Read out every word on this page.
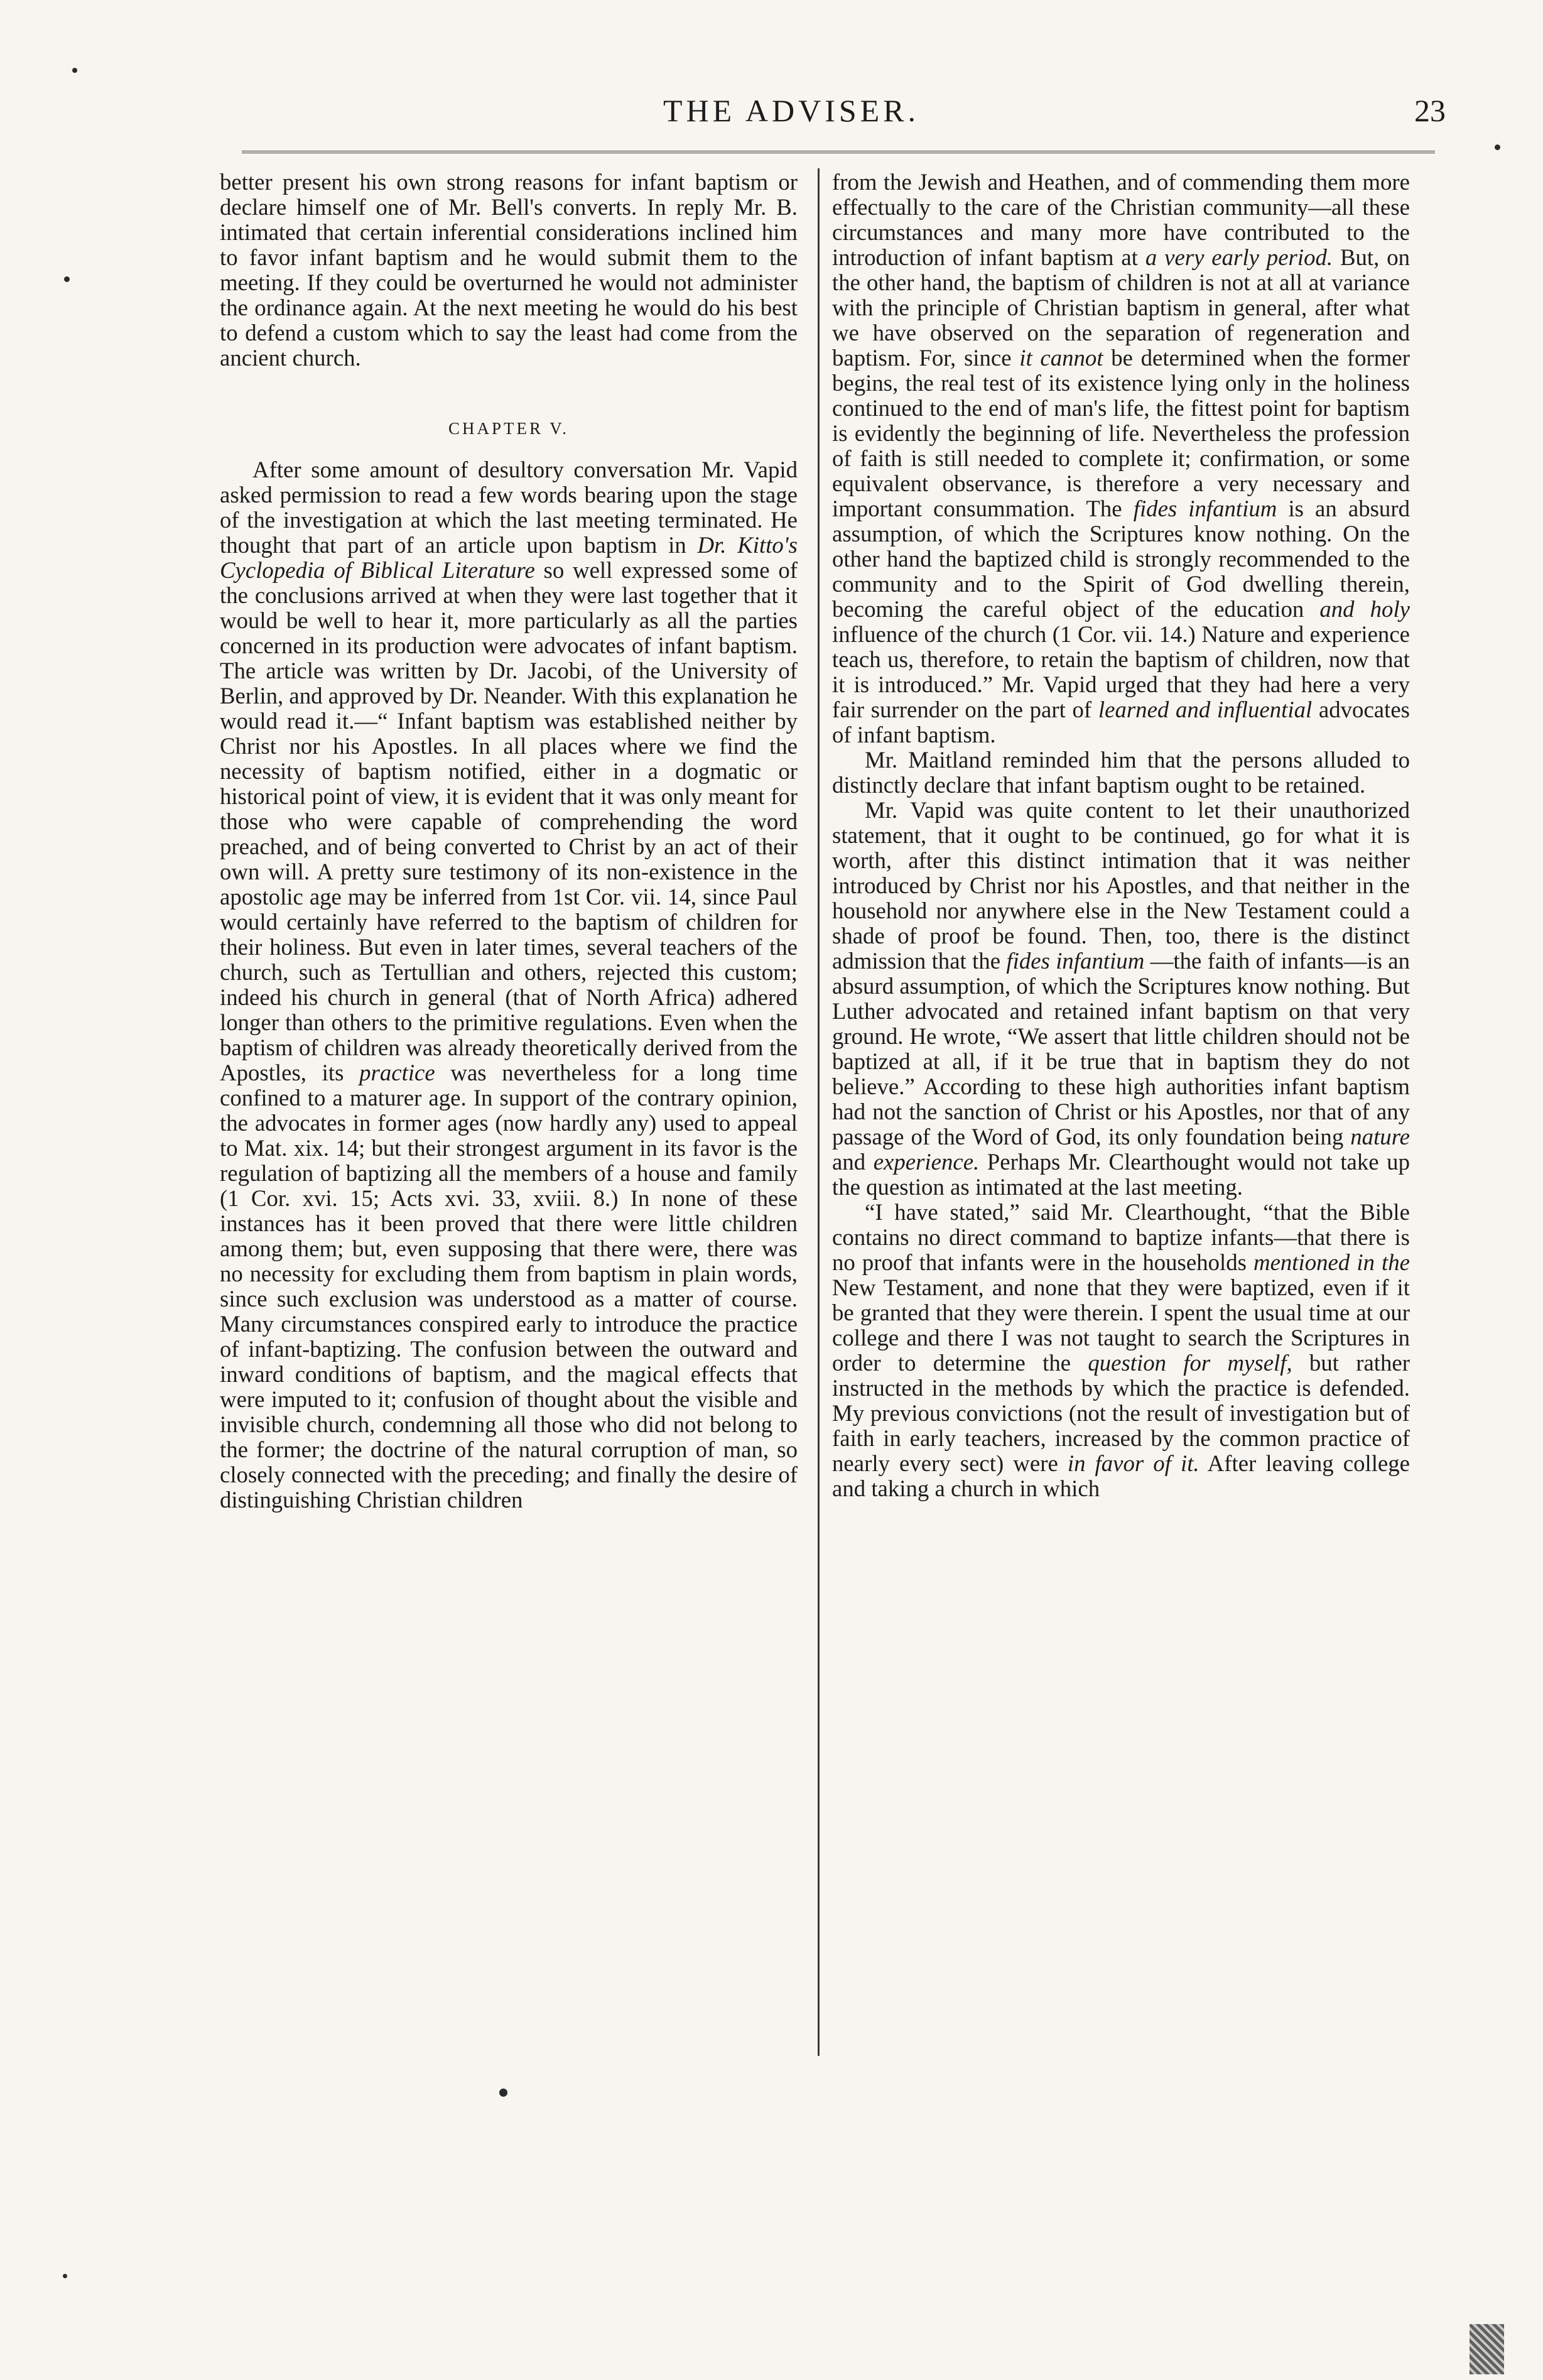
THE ADVISER.	23

better present his own strong reasons for infant baptism or declare himself one of Mr. Bell's converts. In reply Mr. B. intimated that certain inferential considerations inclined him to favor infant baptism and he would submit them to the meeting. If they could be overturned he would not administer the ordinance again. At the next meeting he would do his best to defend a custom which to say the least had come from the ancient church.

CHAPTER V.

After some amount of desultory conversation Mr. Vapid asked permission to read a few words bearing upon the stage of the investigation at which the last meeting terminated. He thought that part of an article upon baptism in Dr. Kitto's Cyclopedia of Biblical Literature so well expressed some of the conclusions arrived at when they were last together that it would be well to hear it, more particularly as all the parties concerned in its production were advocates of infant baptism. The article was written by Dr. Jacobi, of the University of Berlin, and approved by Dr. Neander. With this explanation he would read it.—“ Infant baptism was established neither by Christ nor his Apostles. In all places where we find the necessity of baptism notified, either in a dogmatic or historical point of view, it is evident that it was only meant for those who were capable of comprehending the word preached, and of being converted to Christ by an act of their own will. A pretty sure testimony of its non-existence in the apostolic age may be inferred from 1st Cor. vii. 14, since Paul would certainly have referred to the baptism of children for their holiness. But even in later times, several teachers of the church, such as Tertullian and others, rejected this custom; indeed his church in general (that of North Africa) adhered longer than others to the primitive regulations. Even when the baptism of children was already theoretically derived from the Apostles, its practice was nevertheless for a long time confined to a maturer age. In support of the contrary opinion, the advocates in former ages (now hardly any) used to appeal to Mat. xix. 14; but their strongest argument in its favor is the regulation of baptizing all the members of a house and family (1 Cor. xvi. 15; Acts xvi. 33, xviii. 8.) In none of these instances has it been proved that there were little children among them; but, even supposing that there were, there was no necessity for excluding them from baptism in plain words, since such exclusion was understood as a matter of course. Many circumstances conspired early to introduce the practice of infant-baptizing. The confusion between the outward and inward conditions of baptism, and the magical effects that were imputed to it; confusion of thought about the visible and invisible church, condemning all those who did not belong to the former; the doctrine of the natural corruption of man, so closely connected with the preceding; and finally the desire of distinguishing Christian children

from the Jewish and Heathen, and of commending them more effectually to the care of the Christian community—all these circumstances and many more have contributed to the introduction of infant baptism at a very early period. But, on the other hand, the baptism of children is not at all at variance with the principle of Christian baptism in general, after what we have observed on the separation of regeneration and baptism. For, since it cannot be determined when the former begins, the real test of its existence lying only in the holiness continued to the end of man's life, the fittest point for baptism is evidently the beginning of life. Nevertheless the profession of faith is still needed to complete it; confirmation, or some equivalent observance, is therefore a very necessary and important consummation. The fides infantium is an absurd assumption, of which the Scriptures know nothing. On the other hand the baptized child is strongly recommended to the community and to the Spirit of God dwelling therein, becoming the careful object of the education and holy influence of the church (1 Cor. vii. 14.) Nature and experience teach us, therefore, to retain the baptism of children, now that it is introduced.” Mr. Vapid urged that they had here a very fair surrender on the part of learned and influential advocates of infant baptism.

Mr. Maitland reminded him that the persons alluded to distinctly declare that infant baptism ought to be retained.

Mr. Vapid was quite content to let their unauthorized statement, that it ought to be continued, go for what it is worth, after this distinct intimation that it was neither introduced by Christ nor his Apostles, and that neither in the household nor anywhere else in the New Testament could a shade of proof be found. Then, too, there is the distinct admission that the fides infantium —the faith of infants—is an absurd assumption, of which the Scriptures know nothing. But Luther advocated and retained infant baptism on that very ground. He wrote, “We assert that little children should not be baptized at all, if it be true that in baptism they do not believe.” According to these high authorities infant baptism had not the sanction of Christ or his Apostles, nor that of any passage of the Word of God, its only foundation being nature and experience. Perhaps Mr. Clearthought would not take up the question as intimated at the last meeting.

“I have stated,” said Mr. Clearthought, “that the Bible contains no direct command to baptize infants—that there is no proof that infants were in the households mentioned in the New Testament, and none that they were baptized, even if it be granted that they were therein. I spent the usual time at our college and there I was not taught to search the Scriptures in order to determine the question for myself, but rather instructed in the methods by which the practice is defended. My previous convictions (not the result of investigation but of faith in early teachers, increased by the common practice of nearly every sect) were in favor of it. After leaving college and taking a church in which
